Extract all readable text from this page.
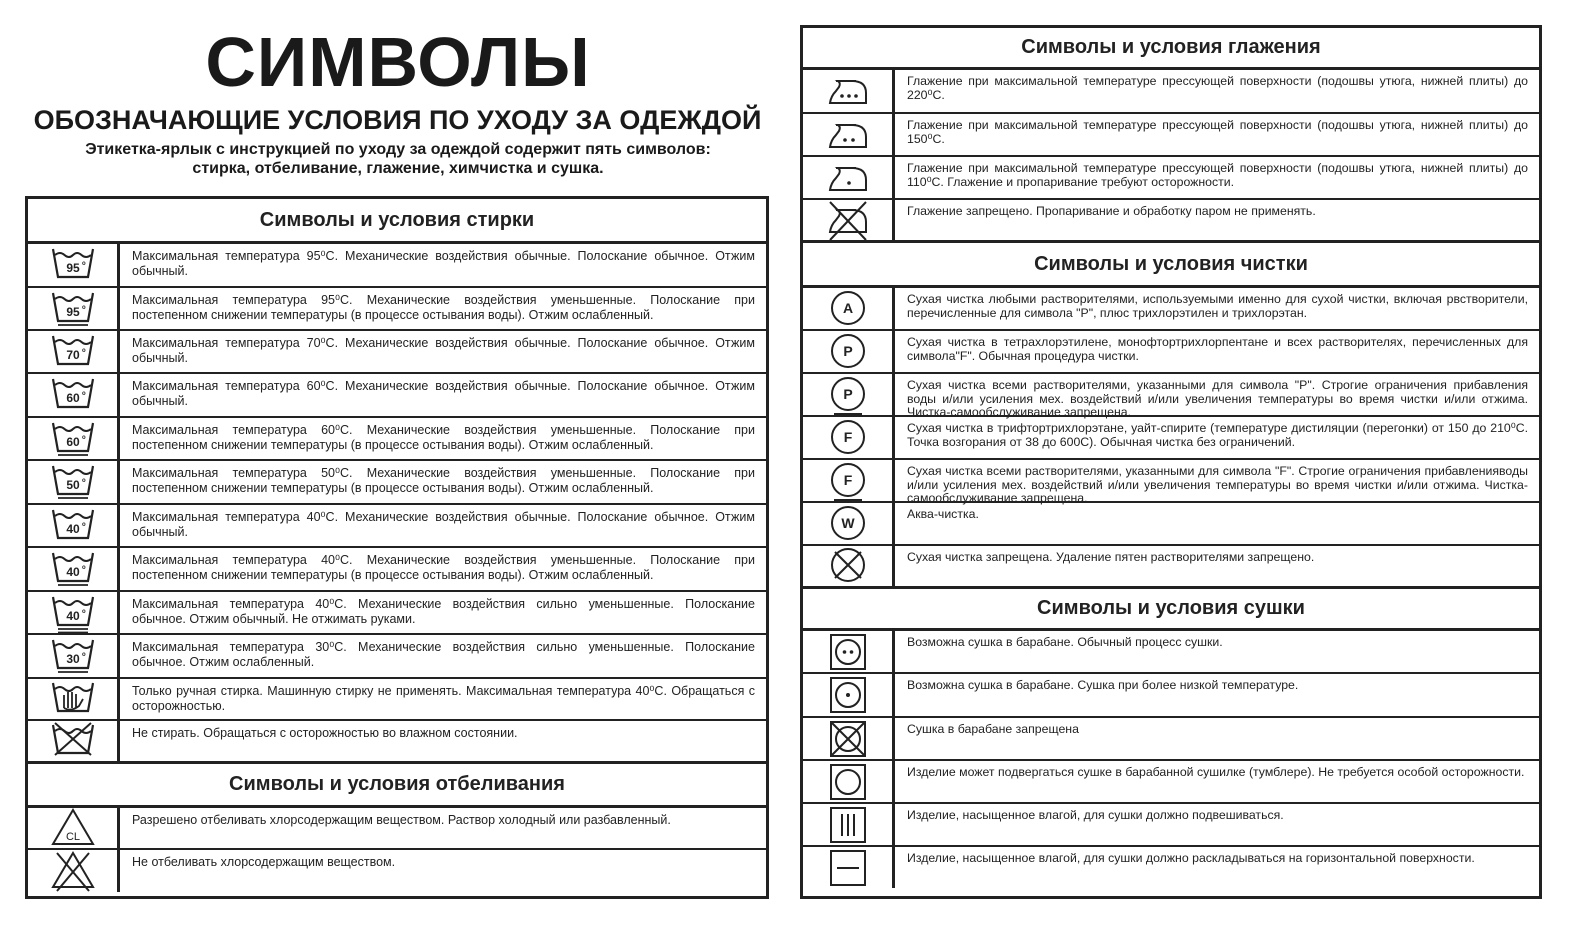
СИМВОЛЫ
ОБОЗНАЧАЮЩИЕ УСЛОВИЯ ПО УХОДУ ЗА ОДЕЖДОЙ
Этикетка-ярлык с инструкцией по уходу за одеждой содержит пять символов:
стирка, отбеливание, глажение, химчистка и сушка.
Символы и условия стирки
95 o
Максимальная температура 95⁰С. Механические воздействия обычные. Полоскание обычное. Отжим обычный.
95 o
Максимальная температура 95⁰С. Механические воздействия уменьшенные. Полоскание при постепенном снижении температуры (в процессе остывания воды). Отжим ослабленный.
70 o
Максимальная температура 70⁰С. Механические воздействия обычные. Полоскание обычное. Отжим обычный.
60 o
Максимальная температура 60⁰С. Механические воздействия обычные. Полоскание обычное. Отжим обычный.
60 o
Максимальная температура 60⁰С. Механические воздействия уменьшенные. Полоскание при постепенном снижении температуры (в процессе остывания воды). Отжим ослабленный.
50 o
Максимальная температура 50⁰С. Механические воздействия уменьшенные. Полоскание при постепенном снижении температуры (в процессе остывания воды). Отжим ослабленный.
40 o
Максимальная температура 40⁰С. Механические воздействия обычные. Полоскание обычное. Отжим обычный.
40 o
Максимальная температура 40⁰С. Механические воздействия уменьшенные. Полоскание при постепенном снижении температуры (в процессе остывания воды). Отжим ослабленный.
40 o
Максимальная температура 40⁰С. Механические воздействия сильно уменьшенные. Полоскание обычное. Отжим обычный. Не отжимать руками.
30 o
Максимальная температура 30⁰С. Механические воздействия сильно уменьшенные. Полоскание обычное. Отжим ослабленный.
Только ручная стирка. Машинную стирку не применять. Максимальная температура 40⁰С. Обращаться с осторожностью.
Не стирать. Обращаться с осторожностью во влажном состоянии.
Символы и условия отбеливания
CL
Разрешено отбеливать хлорсодержащим веществом. Раствор холодный или разбавленный.
Не отбеливать хлорсодержащим веществом.
Символы и условия глажения
Глажение при максимальной температуре прессующей поверхности (подошвы утюга, нижней плиты) до 220⁰С.
Глажение при максимальной температуре прессующей поверхности (подошвы утюга, нижней плиты) до 150⁰С.
Глажение при максимальной температуре прессующей поверхности (подошвы утюга, нижней плиты) до 110⁰С. Глажение и пропаривание требуют осторожности.
Глажение запрещено. Пропаривание и обработку паром не применять.
Символы и условия чистки
A
Сухая чистка любыми растворителями, используемыми именно для сухой чистки, включая рвстворители, перечисленные для символа "Р", плюс трихлорэтилен и трихлорэтан.
P
Сухая чистка в тетрахлорэтилене, монофтортрихлорпентане и всех растворителях, перечисленных для символа"F". Обычная процедура чистки.
P
Сухая чистка всеми растворителями, указанными для символа "Р". Строгие ограничения прибавления воды и/или усиления мех. воздействий и/или увеличения температуры во время чистки и/или отжима. Чистка-самообслуживание запрещена.
F
Сухая чистка в трифтортрихлорэтане, уайт-спирите (температуре дистиляции (перегонки) от 150 до 210⁰С. Точка возгорания от 38 до 600С). Обычная чистка без ограничений.
F
Сухая чистка всеми растворителями, указанными для символа "F". Строгие ограничения прибавленияводы и/или усиления мех. воздействий и/или увеличения температуры во время чистки и/или отжима. Чистка-самообслуживание запрещена.
W
Аква-чистка.
Сухая чистка запрещена. Удаление пятен растворителями запрещено.
Символы и условия сушки
Возможна сушка в барабане. Обычный процесс сушки.
Возможна сушка в барабане. Сушка при более низкой температуре.
Сушка в барабане запрещена
Изделие может подвергаться сушке в барабанной сушилке (тумблере). Не требуется особой осторожности.
Изделие, насыщенное влагой, для сушки должно подвешиваться.
Изделие, насыщенное влагой, для сушки должно раскладываться на горизонтальной поверхности.
